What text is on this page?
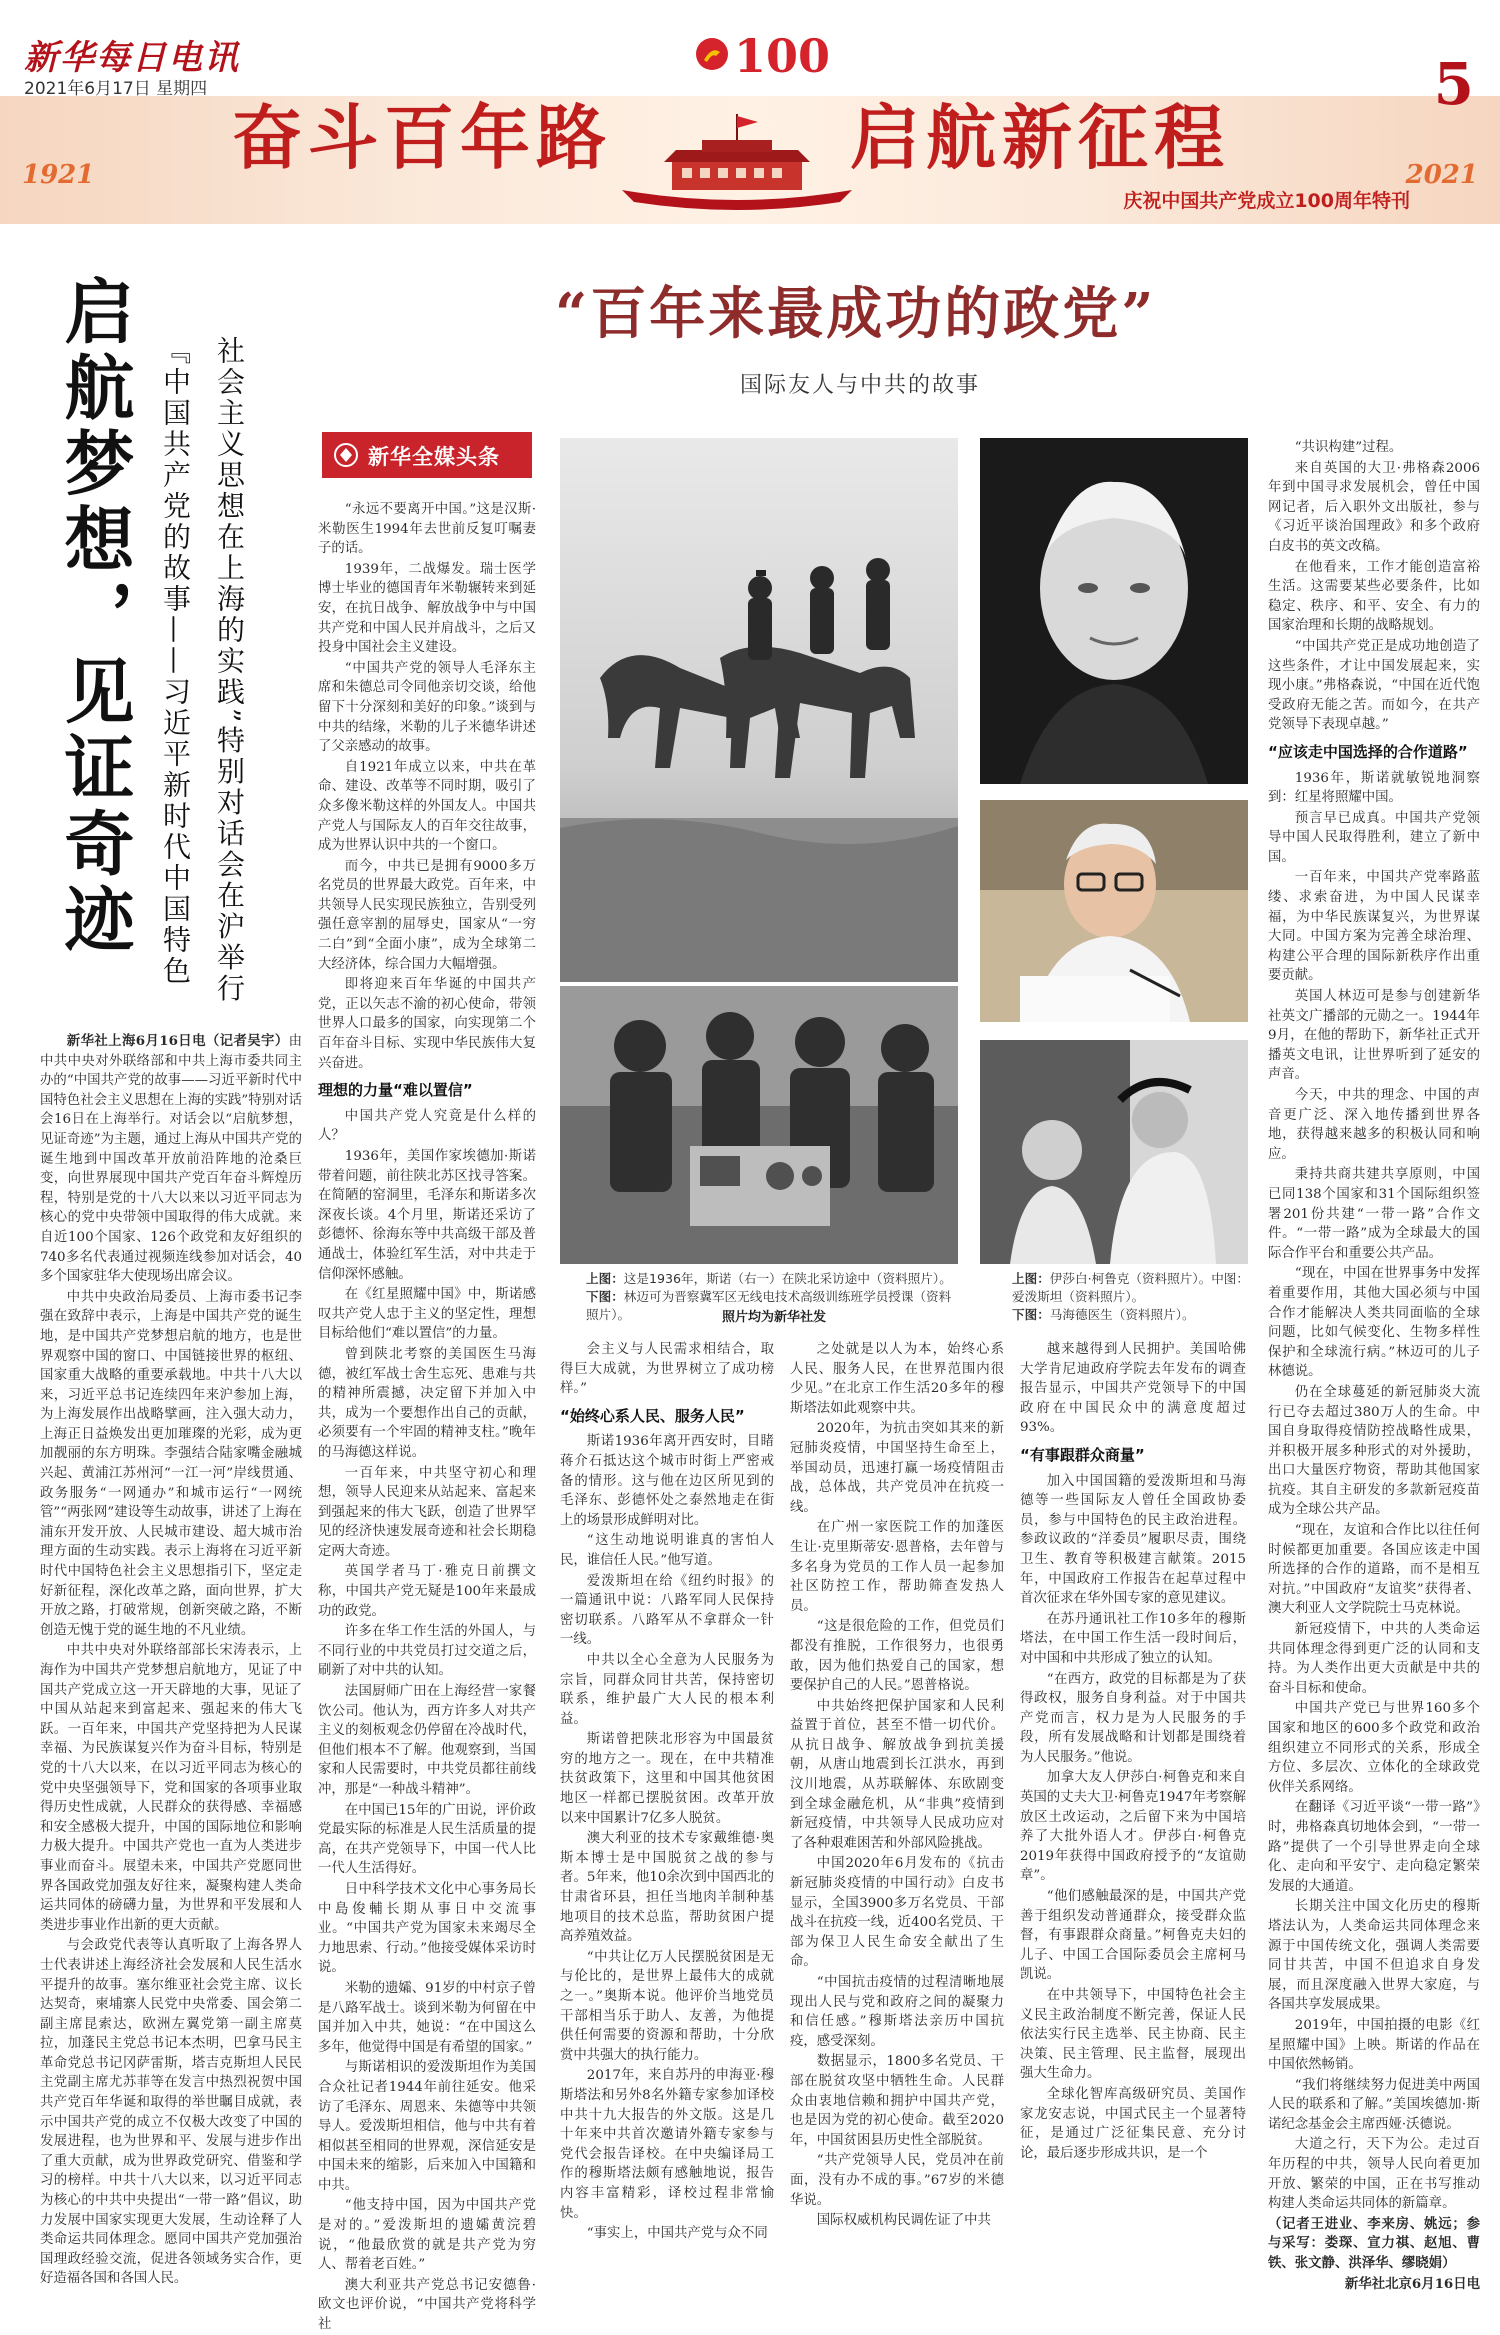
新华每日电讯
2021年6月17日 星期四
1921	2021
奋斗百年路	启航新征程
100
庆祝中国共产党成立100周年特刊
5
启航梦想，见证奇迹	社会主义思想在上海的实践”特别对话会在沪举行
『中国共产党的故事——习近平新时代中国特色

新华社上海6月16日电（记者吴宇）由中共中央对外联络部和中共上海市委共同主办的“中国共产党的故事——习近平新时代中国特色社会主义思想在上海的实践”特别对话会16日在上海举行。对话会以“启航梦想，见证奇迹”为主题，通过上海从中国共产党的诞生地到中国改革开放前沿阵地的沧桑巨变，向世界展现中国共产党百年奋斗辉煌历程，特别是党的十八大以来以习近平同志为核心的党中央带领中国取得的伟大成就。来自近100个国家、126个政党和友好组织的740多名代表通过视频连线参加对话会，40多个国家驻华大使现场出席会议。

中共中央政治局委员、上海市委书记李强在致辞中表示，上海是中国共产党的诞生地，是中国共产党梦想启航的地方，也是世界观察中国的窗口、中国链接世界的枢纽、国家重大战略的重要承载地。中共十八大以来，习近平总书记连续四年来沪参加上海，为上海发展作出战略擘画，注入强大动力，上海正日益焕发出更加璀璨的光彩，成为更加靓丽的东方明珠。李强结合陆家嘴金融城兴起、黄浦江苏州河“一江一河”岸线贯通、政务服务“一网通办”和城市运行“一网统管”“两张网”建设等生动故事，讲述了上海在浦东开发开放、人民城市建设、超大城市治理方面的生动实践。表示上海将在习近平新时代中国特色社会主义思想指引下，坚定走好新征程，深化改革之路，面向世界，扩大开放之路，打破常规，创新突破之路，不断创造无愧于党的诞生地的不凡业绩。

中共中央对外联络部部长宋涛表示，上海作为中国共产党梦想启航地方，见证了中国共产党成立这一开天辟地的大事，见证了中国从站起来到富起来、强起来的伟大飞跃。一百年来，中国共产党坚持把为人民谋幸福、为民族谋复兴作为奋斗目标，特别是党的十八大以来，在以习近平同志为核心的党中央坚强领导下，党和国家的各项事业取得历史性成就，人民群众的获得感、幸福感和安全感极大提升，中国的国际地位和影响力极大提升。中国共产党也一直为人类进步事业而奋斗。展望未来，中国共产党愿同世界各国政党加强友好往来，凝聚构建人类命运共同体的磅礴力量，为世界和平发展和人类进步事业作出新的更大贡献。

与会政党代表等认真听取了上海各界人士代表讲述上海经济社会发展和人民生活水平提升的故事。塞尔维亚社会党主席、议长达契奇，柬埔寨人民党中央常委、国会第二副主席昆索达，欧洲左翼党第一副主席莫拉，加蓬民主党总书记本杰明，巴拿马民主革命党总书记冈萨雷斯，塔吉克斯坦人民民主党副主席尤苏菲等在发言中热烈祝贺中国共产党百年华诞和取得的举世瞩目成就，表示中国共产党的成立不仅极大改变了中国的发展进程，也为世界和平、发展与进步作出了重大贡献，成为世界政党研究、借鉴和学习的榜样。中共十八大以来，以习近平同志为核心的中共中央提出“一带一路”倡议，助力发展中国家实现更大发展，生动诠释了人类命运共同体理念。愿同中国共产党加强治国理政经验交流，促进各领域务实合作，更好造福各国和各国人民。

“百年来最成功的政党”
国际友人与中共的故事
新华全媒头条

“永远不要离开中国。”这是汉斯·米勒医生1994年去世前反复叮嘱妻子的话。

1939年，二战爆发。瑞士医学博士毕业的德国青年米勒辗转来到延安，在抗日战争、解放战争中与中国共产党和中国人民并肩战斗，之后又投身中国社会主义建设。

“中国共产党的领导人毛泽东主席和朱德总司令同他亲切交谈，给他留下十分深刻和美好的印象。”谈到与中共的结缘，米勒的儿子米德华讲述了父亲感动的故事。

自1921年成立以来，中共在革命、建设、改革等不同时期，吸引了众多像米勒这样的外国友人。中国共产党人与国际友人的百年交往故事，成为世界认识中共的一个窗口。

而今，中共已是拥有9000多万名党员的世界最大政党。百年来，中共领导人民实现民族独立，告别受列强任意宰割的屈辱史，国家从“一穷二白”到“全面小康”，成为全球第二大经济体，综合国力大幅增强。

即将迎来百年华诞的中国共产党，正以矢志不渝的初心使命，带领世界人口最多的国家，向实现第二个百年奋斗目标、实现中华民族伟大复兴奋进。

理想的力量“难以置信”

中国共产党人究竟是什么样的人？

1936年，美国作家埃德加·斯诺带着问题，前往陕北苏区找寻答案。在简陋的窑洞里，毛泽东和斯诺多次深夜长谈。4个月里，斯诺还采访了彭德怀、徐海东等中共高级干部及普通战士，体验红军生活，对中共走于信仰深怀感触。

在《红星照耀中国》中，斯诺感叹共产党人忠于主义的坚定性，理想目标给他们“难以置信”的力量。

曾到陕北考察的美国医生马海德，被红军战士舍生忘死、患难与共的精神所震撼，决定留下并加入中共，成为一个要想作出自己的贡献，必须要有一个牢固的精神支柱。”晚年的马海德这样说。

一百年来，中共坚守初心和理想，领导人民迎来从站起来、富起来到强起来的伟大飞跃，创造了世界罕见的经济快速发展奇迹和社会长期稳定两大奇迹。

英国学者马丁·雅克日前撰文称，中国共产党无疑是100年来最成功的政党。

许多在华工作生活的外国人，与不同行业的中共党员打过交道之后，刷新了对中共的认知。

法国厨师广田在上海经营一家餐饮公司。他认为，西方许多人对共产主义的刻板观念仍停留在冷战时代，但他们根本不了解。他观察到，当国家和人民需要时，中共党员都往前线冲，那是“一种战斗精神”。

在中国已15年的广田说，评价政党最实际的标准是人民生活质量的提高，在共产党领导下，中国一代人比一代人生活得好。

日中科学技术文化中心事务局长中島俊輔长期从事日中交流事业。“中国共产党为国家未来竭尽全力地思索、行动。”他接受媒体采访时说。

米勒的遗孀、91岁的中村京子曾是八路军战士。谈到米勒为何留在中国并加入中共，她说：“在中国这么多年，他觉得中国是有希望的国家。”

与斯诺相识的爱泼斯坦作为美国合众社记者1944年前往延安。他采访了毛泽东、周恩来、朱德等中共领导人。爱泼斯坦相信，他与中共有着相似甚至相同的世界观，深信延安是中国未来的缩影，后来加入中国籍和中共。

“他支持中国，因为中国共产党是对的。”爱泼斯坦的遗孀黄浣碧说，“他最欣赏的就是共产党为穷人、帮着老百姓。”

澳大利亚共产党总书记安德鲁·欧文也评价说，“中国共产党将科学社

上图：这是1936年，斯诺（右一）在陕北采访途中（资料照片）。
下图：林迈可为晋察冀军区无线电技术高级训练班学员授课（资料照片）。	照片均为新华社发
上图：伊莎白·柯鲁克（资料照片）。中图：爱泼斯坦（资料照片）。
下图：马海德医生（资料照片）。

会主义与人民需求相结合，取得巨大成就，为世界树立了成功榜样。”

“始终心系人民、服务人民”

斯诺1936年离开西安时，目睹蒋介石抵达这个城市时街上严密戒备的情形。这与他在边区所见到的毛泽东、彭德怀处之泰然地走在街上的场景形成鲜明对比。

“这生动地说明谁真的害怕人民，谁信任人民。”他写道。

爱泼斯坦在给《纽约时报》的一篇通讯中说：八路军同人民保持密切联系。八路军从不拿群众一针一线。

中共以全心全意为人民服务为宗旨，同群众同甘共苦，保持密切联系，维护最广大人民的根本利益。

斯诺曾把陕北形容为中国最贫穷的地方之一。现在，在中共精准扶贫政策下，这里和中国其他贫困地区一样都已摆脱贫困。改革开放以来中国累计7亿多人脱贫。

澳大利亚的技术专家戴维德·奥斯本博士是中国脱贫之战的参与者。5年来，他10余次到中国西北的甘肃省环县，担任当地肉羊制种基地项目的技术总监，帮助贫困户提高养殖效益。

“中共让亿万人民摆脱贫困是无与伦比的，是世界上最伟大的成就之一。”奥斯本说。他评价当地党员干部相当乐于助人、友善，为他提供任何需要的资源和帮助，十分欣赏中共强大的执行能力。

2017年，来自苏丹的申海亚·穆斯塔法和另外8名外籍专家参加译校中共十九大报告的外文版。这是几十年来中共首次邀请外籍专家参与党代会报告译校。在中央编译局工作的穆斯塔法颇有感触地说，报告内容丰富精彩，译校过程非常愉快。

“事实上，中国共产党与众不同

之处就是以人为本，始终心系人民、服务人民，在世界范围内很少见。”在北京工作生活20多年的穆斯塔法如此观察中共。

2020年，为抗击突如其来的新冠肺炎疫情，中国坚持生命至上，举国动员，迅速打赢一场疫情阻击战，总体战，共产党员冲在抗疫一线。

在广州一家医院工作的加蓬医生让·克里斯蒂安·恩普格，去年曾与多名身为党员的工作人员一起参加社区防控工作，帮助筛查发热人员。

“这是很危险的工作，但党员们都没有推脱，工作很努力，也很勇敢，因为他们热爱自己的国家，想要保护自己的人民。”恩普格说。

中共始终把保护国家和人民利益置于首位，甚至不惜一切代价。从抗日战争、解放战争到抗美援朝，从唐山地震到长江洪水，再到汶川地震，从苏联解体、东欧剧变到全球金融危机，从“非典”疫情到新冠疫情，中共领导人民成功应对了各种艰难困苦和外部风险挑战。

中国2020年6月发布的《抗击新冠肺炎疫情的中国行动》白皮书显示，全国3900多万名党员、干部战斗在抗疫一线，近400名党员、干部为保卫人民生命安全献出了生命。

“中国抗击疫情的过程清晰地展现出人民与党和政府之间的凝聚力和信任感。”穆斯塔法亲历中国抗疫，感受深刻。

数据显示，1800多名党员、干部在脱贫攻坚中牺牲生命。人民群众由衷地信赖和拥护中国共产党，也是因为党的初心使命。截至2020年，中国贫困县历史性全部脱贫。

“共产党领导人民，党员冲在前面，没有办不成的事。”67岁的米德华说。

国际权威机构民调佐证了中共

越来越得到人民拥护。美国哈佛大学肯尼迪政府学院去年发布的调查报告显示，中国共产党领导下的中国政府在中国民众中的满意度超过93%。

“有事跟群众商量”

加入中国国籍的爱泼斯坦和马海德等一些国际友人曾任全国政协委员，参与中国特色的民主政治进程。参政议政的“洋委员”履职尽责，围绕卫生、教育等积极建言献策。2015年，中国政府工作报告在起草过程中首次征求在华外国专家的意见建议。

在苏丹通讯社工作10多年的穆斯塔法，在中国工作生活一段时间后，对中国和中共形成了独立的认知。

“在西方，政党的目标都是为了获得政权，服务自身利益。对于中国共产党而言，权力是为人民服务的手段，所有发展战略和计划都是围绕着为人民服务。”他说。

加拿大友人伊莎白·柯鲁克和来自英国的丈夫大卫·柯鲁克1947年考察解放区土改运动，之后留下来为中国培养了大批外语人才。伊莎白·柯鲁克2019年获得中国政府授予的“友谊勋章”。

“他们感触最深的是，中国共产党善于组织发动普通群众，接受群众监督，有事跟群众商量。”柯鲁克夫妇的儿子、中国工合国际委员会主席柯马凯说。

在中共领导下，中国特色社会主义民主政治制度不断完善，保证人民依法实行民主选举、民主协商、民主决策、民主管理、民主监督，展现出强大生命力。

全球化智库高级研究员、美国作家龙安志说，中国式民主一个显著特征，是通过广泛征集民意、充分讨论，最后逐步形成共识，是一个

“共识构建”过程。

来自英国的大卫·弗格森2006年到中国寻求发展机会，曾任中国网记者，后入职外文出版社，参与《习近平谈治国理政》和多个政府白皮书的英文改稿。

在他看来，工作才能创造富裕生活。这需要某些必要条件，比如稳定、秩序、和平、安全、有力的国家治理和长期的战略规划。

“中国共产党正是成功地创造了这些条件，才让中国发展起来，实现小康。”弗格森说，“中国在近代饱受政府无能之苦。而如今，在共产党领导下表现卓越。”

“应该走中国选择的合作道路”

1936年，斯诺就敏锐地洞察到：红星将照耀中国。

预言早已成真。中国共产党领导中国人民取得胜利，建立了新中国。

一百年来，中国共产党率路蓝缕、求索奋进，为中国人民谋幸福，为中华民族谋复兴，为世界谋大同。中国方案为完善全球治理、构建公平合理的国际新秩序作出重要贡献。

英国人林迈可是参与创建新华社英文广播部的元勋之一。1944年9月，在他的帮助下，新华社正式开播英文电讯，让世界听到了延安的声音。

今天，中共的理念、中国的声音更广泛、深入地传播到世界各地，获得越来越多的积极认同和响应。

秉持共商共建共享原则，中国已同138个国家和31个国际组织签署201份共建“一带一路”合作文件。“一带一路”成为全球最大的国际合作平台和重要公共产品。

“现在，中国在世界事务中发挥着重要作用，其他大国必须与中国合作才能解决人类共同面临的全球问题，比如气候变化、生物多样性保护和全球流行病。”林迈可的儿子林德说。

仍在全球蔓延的新冠肺炎大流行已夺去超过380万人的生命。中国自身取得疫情防控战略性成果，并积极开展多种形式的对外援助，出口大量医疗物资，帮助其他国家抗疫。其自主研发的多款新冠疫苗成为全球公共产品。

“现在，友谊和合作比以往任何时候都更加重要。各国应该走中国所选择的合作的道路，而不是相互对抗。”中国政府“友谊奖”获得者、澳大利亚人文学院院士马克林说。

新冠疫情下，中共的人类命运共同体理念得到更广泛的认同和支持。为人类作出更大贡献是中共的奋斗目标和使命。

中国共产党已与世界160多个国家和地区的600多个政党和政治组织建立不同形式的关系，形成全方位、多层次、立体化的全球政党伙伴关系网络。

在翻译《习近平谈“一带一路”》时，弗格森真切地体会到，“一带一路”提供了一个引导世界走向全球化、走向和平安宁、走向稳定繁荣发展的大通道。

长期关注中国文化历史的穆斯塔法认为，人类命运共同体理念来源于中国传统文化，强调人类需要同甘共苦，中国不但追求自身发展，而且深度融入世界大家庭，与各国共享发展成果。

2019年，中国拍摄的电影《红星照耀中国》上映。斯诺的作品在中国依然畅销。

“我们将继续努力促进美中两国人民的联系和了解。”美国埃德加·斯诺纪念基金会主席西娅·沃德说。

大道之行，天下为公。走过百年历程的中共，领导人民向着更加开放、繁荣的中国，正在书写推动构建人类命运共同体的新篇章。

（记者王进业、李来房、姚远；参与采写：娄琛、宣力祺、赵旭、曹铁、张文静、洪泽华、缪晓娟）

新华社北京6月16日电
